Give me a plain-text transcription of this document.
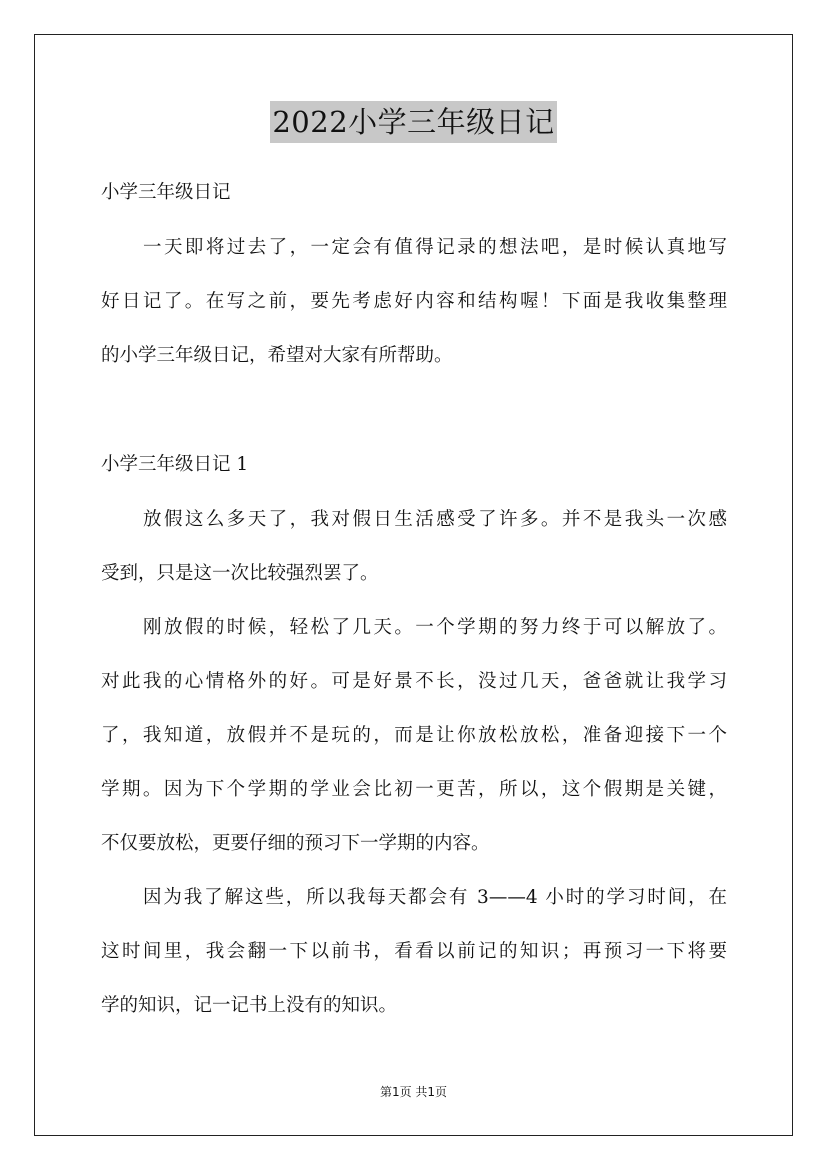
2022小学三年级日记
小学三年级日记
一天即将过去了，一定会有值得记录的想法吧，是时候认真地写
好日记了。在写之前，要先考虑好内容和结构喔！下面是我收集整理
的小学三年级日记，希望对大家有所帮助。
小学三年级日记 1
放假这么多天了，我对假日生活感受了许多。并不是我头一次感
受到，只是这一次比较强烈罢了。
刚放假的时候，轻松了几天。一个学期的努力终于可以解放了。
对此我的心情格外的好。可是好景不长，没过几天，爸爸就让我学习
了，我知道，放假并不是玩的，而是让你放松放松，准备迎接下一个
学期。因为下个学期的学业会比初一更苦，所以，这个假期是关键，
不仅要放松，更要仔细的预习下一学期的内容。
因为我了解这些，所以我每天都会有 3——4 小时的学习时间，在
这时间里，我会翻一下以前书，看看以前记的知识；再预习一下将要
学的知识，记一记书上没有的知识。
第1页 共1页
